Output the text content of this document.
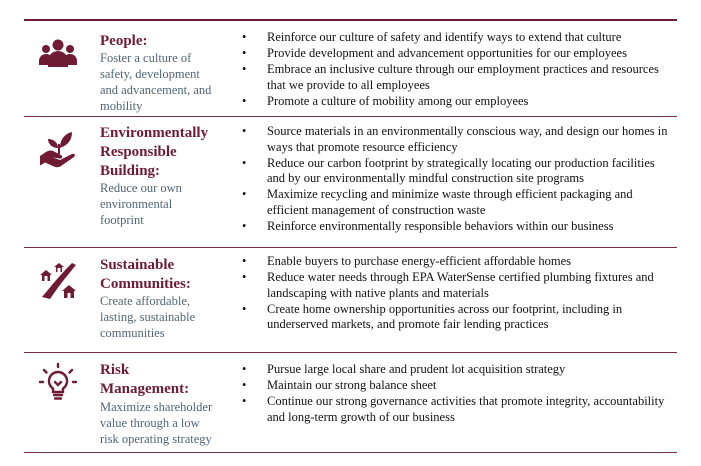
People:
Foster a culture of
safety, development
and advancement, and
mobility
• Reinforce our culture of safety and identify ways to extend that culture
• Provide development and advancement opportunities for our employees
• Embrace an inclusive culture through our employment practices and resources that we provide to all employees
• Promote a culture of mobility among our employees
Environmentally
Responsible
Building:
Reduce our own
environmental
footprint
• Source materials in an environmentally conscious way, and design our homes in ways that promote resource efficiency
• Reduce our carbon footprint by strategically locating our production facilities and by our environmentally mindful construction site programs
• Maximize recycling and minimize waste through efficient packaging and efficient management of construction waste
• Reinforce environmentally responsible behaviors within our business
Sustainable
Communities:
Create affordable,
lasting, sustainable
communities
• Enable buyers to purchase energy-efficient affordable homes
• Reduce water needs through EPA WaterSense certified plumbing fixtures and landscaping with native plants and materials
• Create home ownership opportunities across our footprint, including in underserved markets, and promote fair lending practices
Risk
Management:
Maximize shareholder
value through a low
risk operating strategy
• Pursue large local share and prudent lot acquisition strategy
• Maintain our strong balance sheet
• Continue our strong governance activities that promote integrity, accountability and long-term growth of our business
